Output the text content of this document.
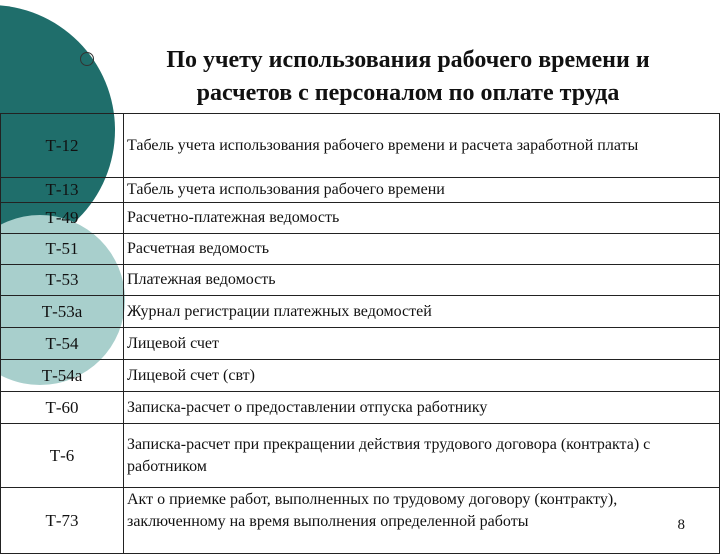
По учету использования рабочего времени и
расчетов с персоналом по оплате труда
Т-12	Табель учета использования рабочего времени и расчета заработной платы
Т-13	Табель учета использования рабочего времени
Т-49	Расчетно-платежная ведомость
Т-51	Расчетная ведомость
Т-53	Платежная ведомость
Т-53а	Журнал регистрации платежных ведомостей
Т-54	Лицевой счет
Т-54а	Лицевой счет (свт)
Т-60	Записка-расчет о предоставлении отпуска работнику
Т-6	Записка-расчет при прекращении действия трудового договора (контракта) с работником
Т-73	Акт о приемке работ, выполненных по трудовому договору (контракту), заключенному на время выполнения определенной работы 8
